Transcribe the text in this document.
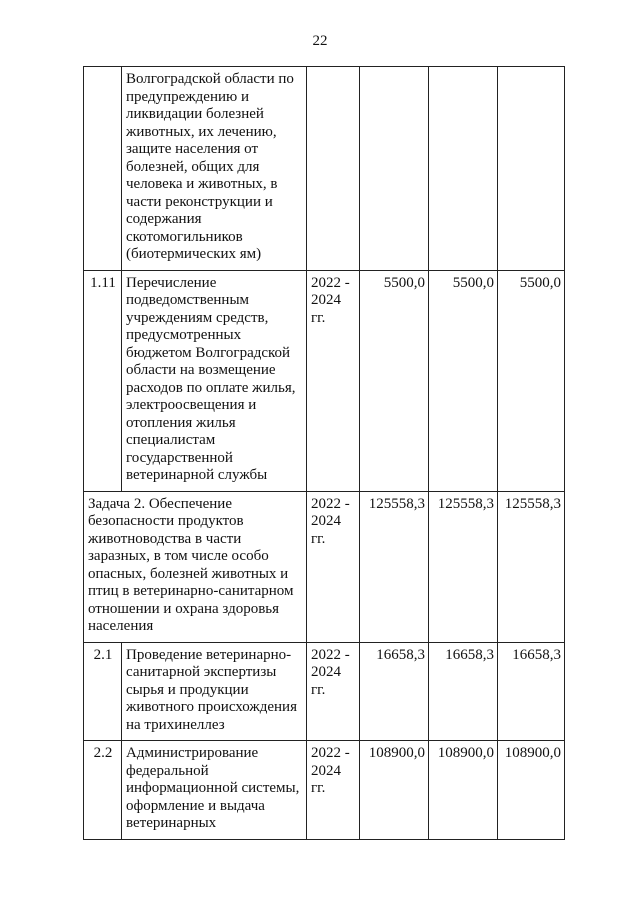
22
	Волгоградской области по предупреждению и ликвидации болезней животных, их лечению, защите населения от болезней, общих для человека и животных, в части реконструкции и содержания скотомогильников (биотермических ям)				
1.11	Перечисление подведомственным учреждениям средств, предусмотренных бюджетом Волгоградской области на возмещение расходов по оплате жилья, электроосвещения и отопления жилья специалистам государственной ветеринарной службы	2022 - 2024 гг.	5500,0	5500,0	5500,0
Задача 2. Обеспечение безопасности продуктов животноводства в части заразных, в том числе особо опасных, болезней животных и птиц в ветеринарно-санитарном отношении и охрана здоровья населения		2022 - 2024 гг.	125558,3	125558,3	125558,3
2.1	Проведение ветеринарно-санитарной экспертизы сырья и продукции животного происхождения на трихинеллез	2022 - 2024 гг.	16658,3	16658,3	16658,3
2.2	Администрирование федеральной информационной системы, оформление и выдача ветеринарных	2022 - 2024 гг.	108900,0	108900,0	108900,0
